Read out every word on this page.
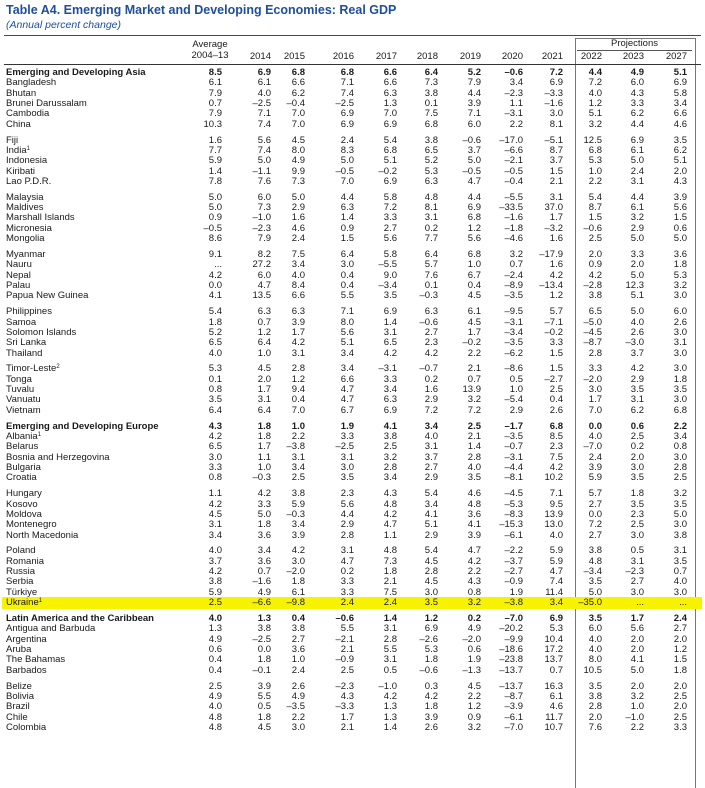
Table A4. Emerging Market and Developing Economies: Real GDP
(Annual percent change)
Projections
Average
2004–13	2014	2015	2016	2017	2018	2019	2020	2021	2022	2023	2027
Emerging and Developing Asia	8.5	6.9	6.8	6.8	6.6	6.4	5.2	–0.6	7.2	4.4	4.9	5.1
Bangladesh	6.1	6.1	6.6	7.1	6.6	7.3	7.9	3.4	6.9	7.2	6.0	6.9
Bhutan	7.9	4.0	6.2	7.4	6.3	3.8	4.4	–2.3	–3.3	4.0	4.3	5.8
Brunei Darussalam	0.7	–2.5	–0.4	–2.5	1.3	0.1	3.9	1.1	–1.6	1.2	3.3	3.4
Cambodia	7.9	7.1	7.0	6.9	7.0	7.5	7.1	–3.1	3.0	5.1	6.2	6.6
China	10.3	7.4	7.0	6.9	6.9	6.8	6.0	2.2	8.1	3.2	4.4	4.6
Fiji	1.6	5.6	4.5	2.4	5.4	3.8	–0.6	–17.0	–5.1	12.5	6.9	3.5
India$^1$	7.7	7.4	8.0	8.3	6.8	6.5	3.7	–6.6	8.7	6.8	6.1	6.2
Indonesia	5.9	5.0	4.9	5.0	5.1	5.2	5.0	–2.1	3.7	5.3	5.0	5.1
Kiribati	1.4	–1.1	9.9	–0.5	–0.2	5.3	–0.5	–0.5	1.5	1.0	2.4	2.0
Lao P.D.R.	7.8	7.6	7.3	7.0	6.9	6.3	4.7	–0.4	2.1	2.2	3.1	4.3
Malaysia	5.0	6.0	5.0	4.4	5.8	4.8	4.4	–5.5	3.1	5.4	4.4	3.9
Maldives	5.0	7.3	2.9	6.3	7.2	8.1	6.9	–33.5	37.0	8.7	6.1	5.6
Marshall Islands	0.9	–1.0	1.6	1.4	3.3	3.1	6.8	–1.6	1.7	1.5	3.2	1.5
Micronesia	–0.5	–2.3	4.6	0.9	2.7	0.2	1.2	–1.8	–3.2	–0.6	2.9	0.6
Mongolia	8.6	7.9	2.4	1.5	5.6	7.7	5.6	–4.6	1.6	2.5	5.0	5.0
Myanmar	9.1	8.2	7.5	6.4	5.8	6.4	6.8	3.2	–17.9	2.0	3.3	3.6
Nauru	...	27.2	3.4	3.0	–5.5	5.7	1.0	0.7	1.6	0.9	2.0	1.8
Nepal	4.2	6.0	4.0	0.4	9.0	7.6	6.7	–2.4	4.2	4.2	5.0	5.3
Palau	0.0	4.7	8.4	0.4	–3.4	0.1	0.4	–8.9	–13.4	–2.8	12.3	3.2
Papua New Guinea	4.1	13.5	6.6	5.5	3.5	–0.3	4.5	–3.5	1.2	3.8	5.1	3.0
Philippines	5.4	6.3	6.3	7.1	6.9	6.3	6.1	–9.5	5.7	6.5	5.0	6.0
Samoa	1.8	0.7	3.9	8.0	1.4	–0.6	4.5	–3.1	–7.1	–5.0	4.0	2.6
Solomon Islands	5.2	1.2	1.7	5.6	3.1	2.7	1.7	–3.4	–0.2	–4.5	2.6	3.0
Sri Lanka	6.5	6.4	4.2	5.1	6.5	2.3	–0.2	–3.5	3.3	–8.7	–3.0	3.1
Thailand	4.0	1.0	3.1	3.4	4.2	4.2	2.2	–6.2	1.5	2.8	3.7	3.0
Timor-Leste$^2$	5.3	4.5	2.8	3.4	–3.1	–0.7	2.1	–8.6	1.5	3.3	4.2	3.0
Tonga	0.1	2.0	1.2	6.6	3.3	0.2	0.7	0.5	–2.7	–2.0	2.9	1.8
Tuvalu	0.8	1.7	9.4	4.7	3.4	1.6	13.9	1.0	2.5	3.0	3.5	3.5
Vanuatu	3.5	3.1	0.4	4.7	6.3	2.9	3.2	–5.4	0.4	1.7	3.1	3.0
Vietnam	6.4	6.4	7.0	6.7	6.9	7.2	7.2	2.9	2.6	7.0	6.2	6.8
Emerging and Developing Europe	4.3	1.8	1.0	1.9	4.1	3.4	2.5	–1.7	6.8	0.0	0.6	2.2
Albania$^1$	4.2	1.8	2.2	3.3	3.8	4.0	2.1	–3.5	8.5	4.0	2.5	3.4
Belarus	6.5	1.7	–3.8	–2.5	2.5	3.1	1.4	–0.7	2.3	–7.0	0.2	0.8
Bosnia and Herzegovina	3.0	1.1	3.1	3.1	3.2	3.7	2.8	–3.1	7.5	2.4	2.0	3.0
Bulgaria	3.3	1.0	3.4	3.0	2.8	2.7	4.0	–4.4	4.2	3.9	3.0	2.8
Croatia	0.8	–0.3	2.5	3.5	3.4	2.9	3.5	–8.1	10.2	5.9	3.5	2.5
Hungary	1.1	4.2	3.8	2.3	4.3	5.4	4.6	–4.5	7.1	5.7	1.8	3.2
Kosovo	4.2	3.3	5.9	5.6	4.8	3.4	4.8	–5.3	9.5	2.7	3.5	3.5
Moldova	4.5	5.0	–0.3	4.4	4.2	4.1	3.6	–8.3	13.9	0.0	2.3	5.0
Montenegro	3.1	1.8	3.4	2.9	4.7	5.1	4.1	–15.3	13.0	7.2	2.5	3.0
North Macedonia	3.4	3.6	3.9	2.8	1.1	2.9	3.9	–6.1	4.0	2.7	3.0	3.8
Poland	4.0	3.4	4.2	3.1	4.8	5.4	4.7	–2.2	5.9	3.8	0.5	3.1
Romania	3.7	3.6	3.0	4.7	7.3	4.5	4.2	–3.7	5.9	4.8	3.1	3.5
Russia	4.2	0.7	–2.0	0.2	1.8	2.8	2.2	–2.7	4.7	–3.4	–2.3	0.7
Serbia	3.8	–1.6	1.8	3.3	2.1	4.5	4.3	–0.9	7.4	3.5	2.7	4.0
Türkiye	5.9	4.9	6.1	3.3	7.5	3.0	0.8	1.9	11.4	5.0	3.0	3.0
Ukraine$^1$	2.5	–6.6	–9.8	2.4	2.4	3.5	3.2	–3.8	3.4	–35.0	...	...
Latin America and the Caribbean	4.0	1.3	0.4	–0.6	1.4	1.2	0.2	–7.0	6.9	3.5	1.7	2.4
Antigua and Barbuda	1.3	3.8	3.8	5.5	3.1	6.9	4.9	–20.2	5.3	6.0	5.6	2.7
Argentina	4.9	–2.5	2.7	–2.1	2.8	–2.6	–2.0	–9.9	10.4	4.0	2.0	2.0
Aruba	0.6	0.0	3.6	2.1	5.5	5.3	0.6	–18.6	17.2	4.0	2.0	1.2
The Bahamas	0.4	1.8	1.0	–0.9	3.1	1.8	1.9	–23.8	13.7	8.0	4.1	1.5
Barbados	0.4	–0.1	2.4	2.5	0.5	–0.6	–1.3	–13.7	0.7	10.5	5.0	1.8
Belize	2.5	3.9	2.6	–2.3	–1.0	0.3	4.5	–13.7	16.3	3.5	2.0	2.0
Bolivia	4.9	5.5	4.9	4.3	4.2	4.2	2.2	–8.7	6.1	3.8	3.2	2.5
Brazil	4.0	0.5	–3.5	–3.3	1.3	1.8	1.2	–3.9	4.6	2.8	1.0	2.0
Chile	4.8	1.8	2.2	1.7	1.3	3.9	0.9	–6.1	11.7	2.0	–1.0	2.5
Colombia	4.8	4.5	3.0	2.1	1.4	2.6	3.2	–7.0	10.7	7.6	2.2	3.3
